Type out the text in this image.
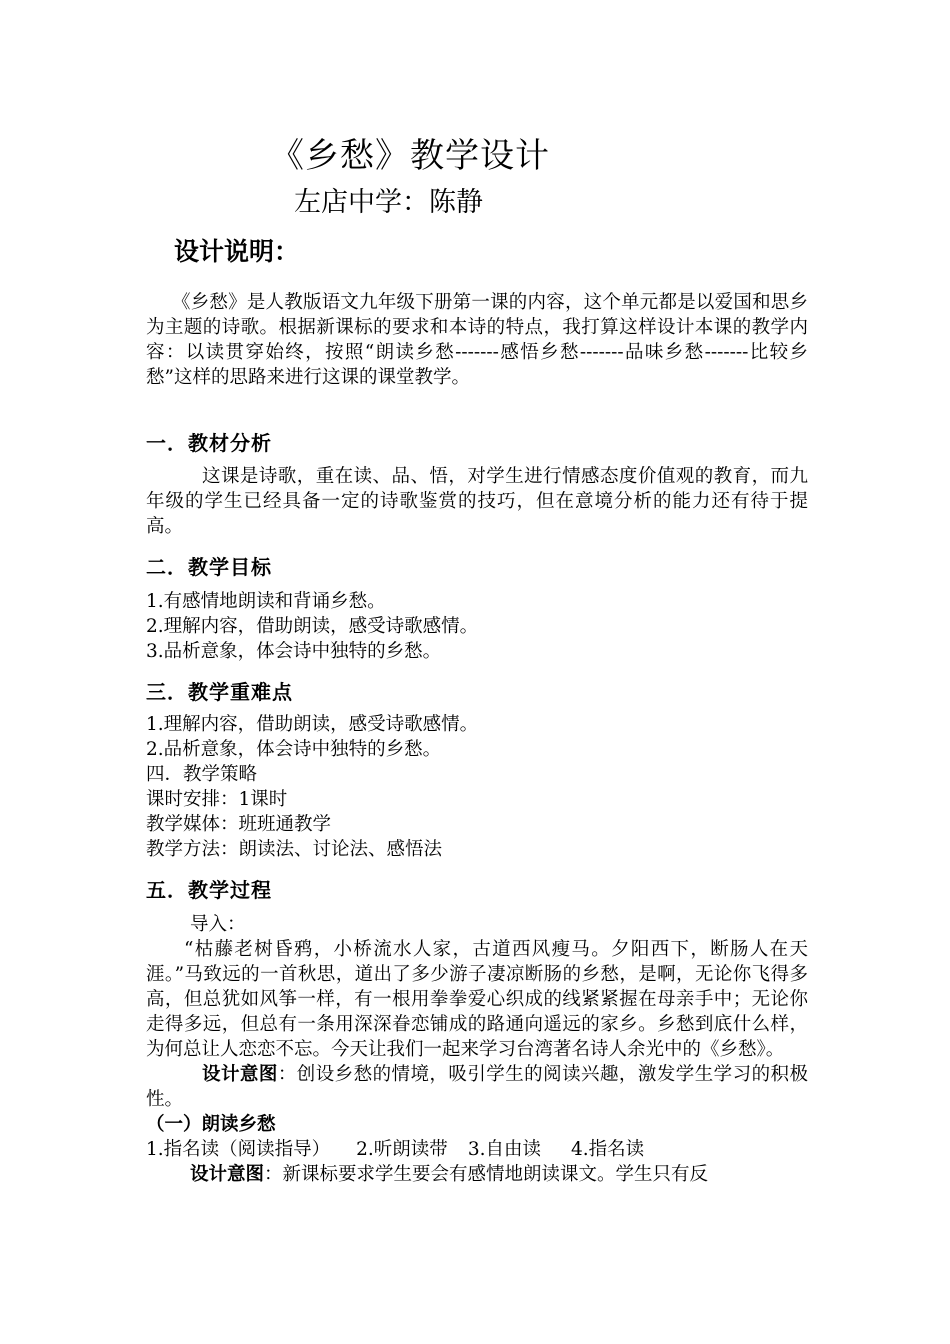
《乡愁》教学设计
左店中学：陈静
设计说明：
《乡愁》是人教版语文九年级下册第一课的内容，这个单元都是以爱国和思乡为主题的诗歌。根据新课标的要求和本诗的特点，我打算这样设计本课的教学内容：以读贯穿始终，按照“朗读乡愁-------感悟乡愁-------品味乡愁-------比较乡愁”这样的思路来进行这课的课堂教学。
一．教材分析
这课是诗歌，重在读、品、悟，对学生进行情感态度价值观的教育，而九年级的学生已经具备一定的诗歌鉴赏的技巧，但在意境分析的能力还有待于提高。
二．教学目标
1.有感情地朗读和背诵乡愁。
2.理解内容，借助朗读，感受诗歌感情。
3.品析意象，体会诗中独特的乡愁。
三．教学重难点
1.理解内容，借助朗读，感受诗歌感情。
2.品析意象，体会诗中独特的乡愁。
四．教学策略
课时安排：1课时
教学媒体：班班通教学
教学方法：朗读法、讨论法、感悟法
五．教学过程
导入：
“枯藤老树昏鸦，小桥流水人家，古道西风瘦马。夕阳西下，断肠人在天涯。”马致远的一首秋思，道出了多少游子凄凉断肠的乡愁，是啊，无论你飞得多高，但总犹如风筝一样，有一根用拳拳爱心织成的线紧紧握在母亲手中；无论你走得多远，但总有一条用深深眷恋铺成的路通向遥远的家乡。乡愁到底什么样，为何总让人恋恋不忘。今天让我们一起来学习台湾著名诗人余光中的《乡愁》。
设计意图：创设乡愁的情境，吸引学生的阅读兴趣，激发学生学习的积极性。
（一）朗读乡愁
1.指名读（阅读指导） 2.听朗读带 3.自由读 4.指名读
设计意图：新课标要求学生要会有感情地朗读课文。学生只有反
